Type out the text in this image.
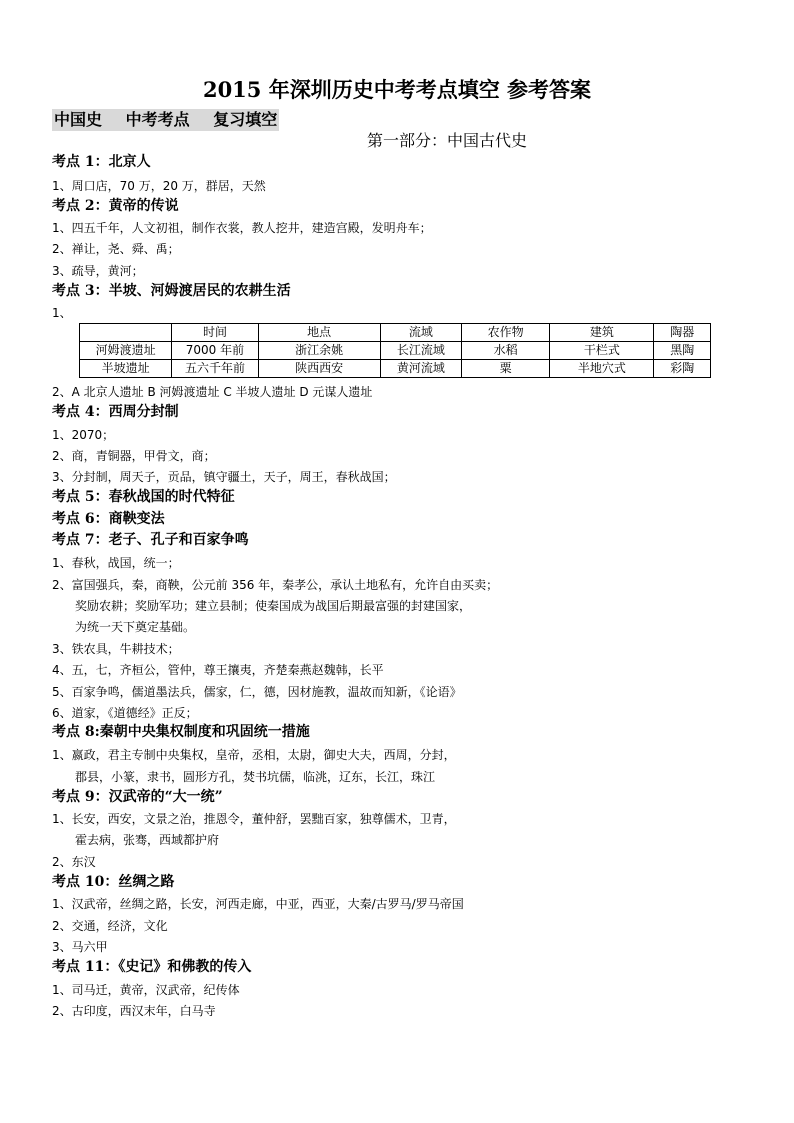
2015 年深圳历史中考考点填空 参考答案
中国史 中考考点 复习填空
第一部分：中国古代史
考点 1：北京人
1、周口店，70 万，20 万，群居，天然
考点 2：黄帝的传说
1、四五千年，人文初祖，制作衣裳，教人挖井，建造宫殿，发明舟车；
2、禅让，尧、舜、禹；
3、疏导，黄河；
考点 3：半坡、河姆渡居民的农耕生活
1、
	时间	地点	流域	农作物	建筑	陶器
河姆渡遗址	7000 年前	浙江余姚	长江流域	水稻	干栏式	黑陶
半坡遗址	五六千年前	陕西西安	黄河流域	粟	半地穴式	彩陶
2、A 北京人遗址 B 河姆渡遗址 C 半坡人遗址 D 元谋人遗址
考点 4：西周分封制
1、2070；
2、商，青铜器，甲骨文，商；
3、分封制，周天子，贡品，镇守疆土，天子，周王，春秋战国；
考点 5：春秋战国的时代特征
考点 6：商鞅变法
考点 7：老子、孔子和百家争鸣
1、春秋，战国，统一；
2、富国强兵，秦，商鞅，公元前 356 年，秦孝公，承认土地私有，允许自由买卖；
奖励农耕；奖励军功；建立县制；使秦国成为战国后期最富强的封建国家，
为统一天下奠定基础。
3、铁农具，牛耕技术；
4、五，七，齐桓公，管仲，尊王攘夷，齐楚秦燕赵魏韩，长平
5、百家争鸣，儒道墨法兵，儒家，仁，德，因材施教，温故而知新，《论语》
6、道家，《道德经》正反；
考点 8:秦朝中央集权制度和巩固统一措施
1、嬴政，君主专制中央集权，皇帝，丞相，太尉，御史大夫，西周，分封，
郡县，小篆，隶书，圆形方孔，焚书坑儒，临洮，辽东，长江，珠江
考点 9：汉武帝的“大一统”
1、长安，西安，文景之治，推恩令，董仲舒，罢黜百家，独尊儒术，卫青，
霍去病，张骞，西域都护府
2、东汉
考点 10：丝绸之路
1、汉武帝，丝绸之路，长安，河西走廊，中亚，西亚，大秦/古罗马/罗马帝国
2、交通，经济，文化
3、马六甲
考点 11：《史记》和佛教的传入
1、司马迁，黄帝，汉武帝，纪传体
2、古印度，西汉末年，白马寺
